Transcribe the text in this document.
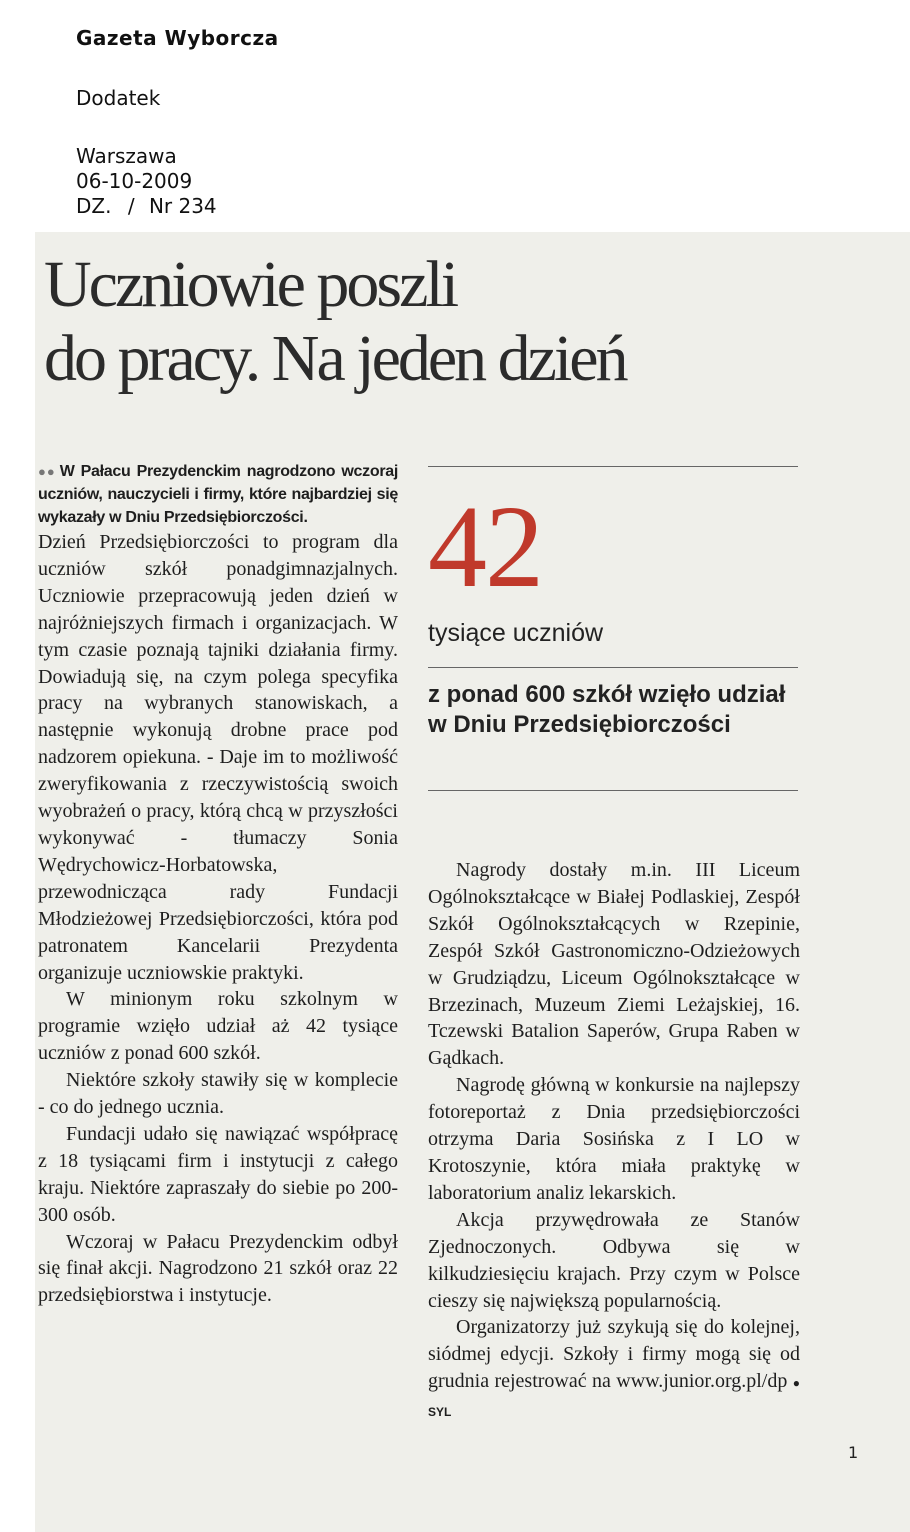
Gazeta Wyborcza
Dodatek
Warszawa
06-10-2009
DZ. / Nr 234
Uczniowie poszli
do pracy. Na jeden dzień

●● W Pałacu Prezydenckim nagrodzono wczoraj uczniów, nauczycieli i firmy, które najbardziej się wykazały w Dniu Przedsiębiorczości.

Dzień Przedsiębiorczości to program dla uczniów szkół ponadgimnazjalnych. Uczniowie przepracowują jeden dzień w najróżniejszych firmach i organizacjach. W tym czasie poznają tajniki działania firmy. Dowiadują się, na czym polega specyfika pracy na wybranych stanowiskach, a następnie wykonują drobne prace pod nadzorem opiekuna. - Daje im to możliwość zweryfikowania z rzeczywistością swoich wyobrażeń o pracy, którą chcą w przyszłości wykonywać - tłumaczy Sonia Wędrychowicz-Horbatowska, przewodnicząca rady Fundacji Młodzieżowej Przedsiębiorczości, która pod patronatem Kancelarii Prezydenta organizuje uczniowskie praktyki.

W minionym roku szkolnym w programie wzięło udział aż 42 tysiące uczniów z ponad 600 szkół.

Niektóre szkoły stawiły się w komplecie - co do jednego ucznia.

Fundacji udało się nawiązać współpracę z 18 tysiącami firm i instytucji z całego kraju. Niektóre zapraszały do siebie po 200-300 osób.

Wczoraj w Pałacu Prezydenckim odbył się finał akcji. Nagrodzono 21 szkół oraz 22 przedsiębiorstwa i instytucje.

42
tysiące uczniów
z ponad 600 szkół wzięło udział w Dniu Przedsiębiorczości

Nagrody dostały m.in. III Liceum Ogólnokształcące w Białej Podlaskiej, Zespół Szkół Ogólnokształcących w Rzepinie, Zespół Szkół Gastronomiczno-Odzieżowych w Grudziądzu, Liceum Ogólnokształcące w Brzezinach, Muzeum Ziemi Leżajskiej, 16. Tczewski Batalion Saperów, Grupa Raben w Gądkach.

Nagrodę główną w konkursie na najlepszy fotoreportaż z Dnia przedsiębiorczości otrzyma Daria Sosińska z I LO w Krotoszynie, która miała praktykę w laboratorium analiz lekarskich.

Akcja przywędrowała ze Stanów Zjednoczonych. Odbywa się w kilkudziesięciu krajach. Przy czym w Polsce cieszy się największą popularnością.

Organizatorzy już szykują się do kolejnej, siódmej edycji. Szkoły i firmy mogą się od grudnia rejestrować na www.junior.org.pl/dp ● SYL

1
